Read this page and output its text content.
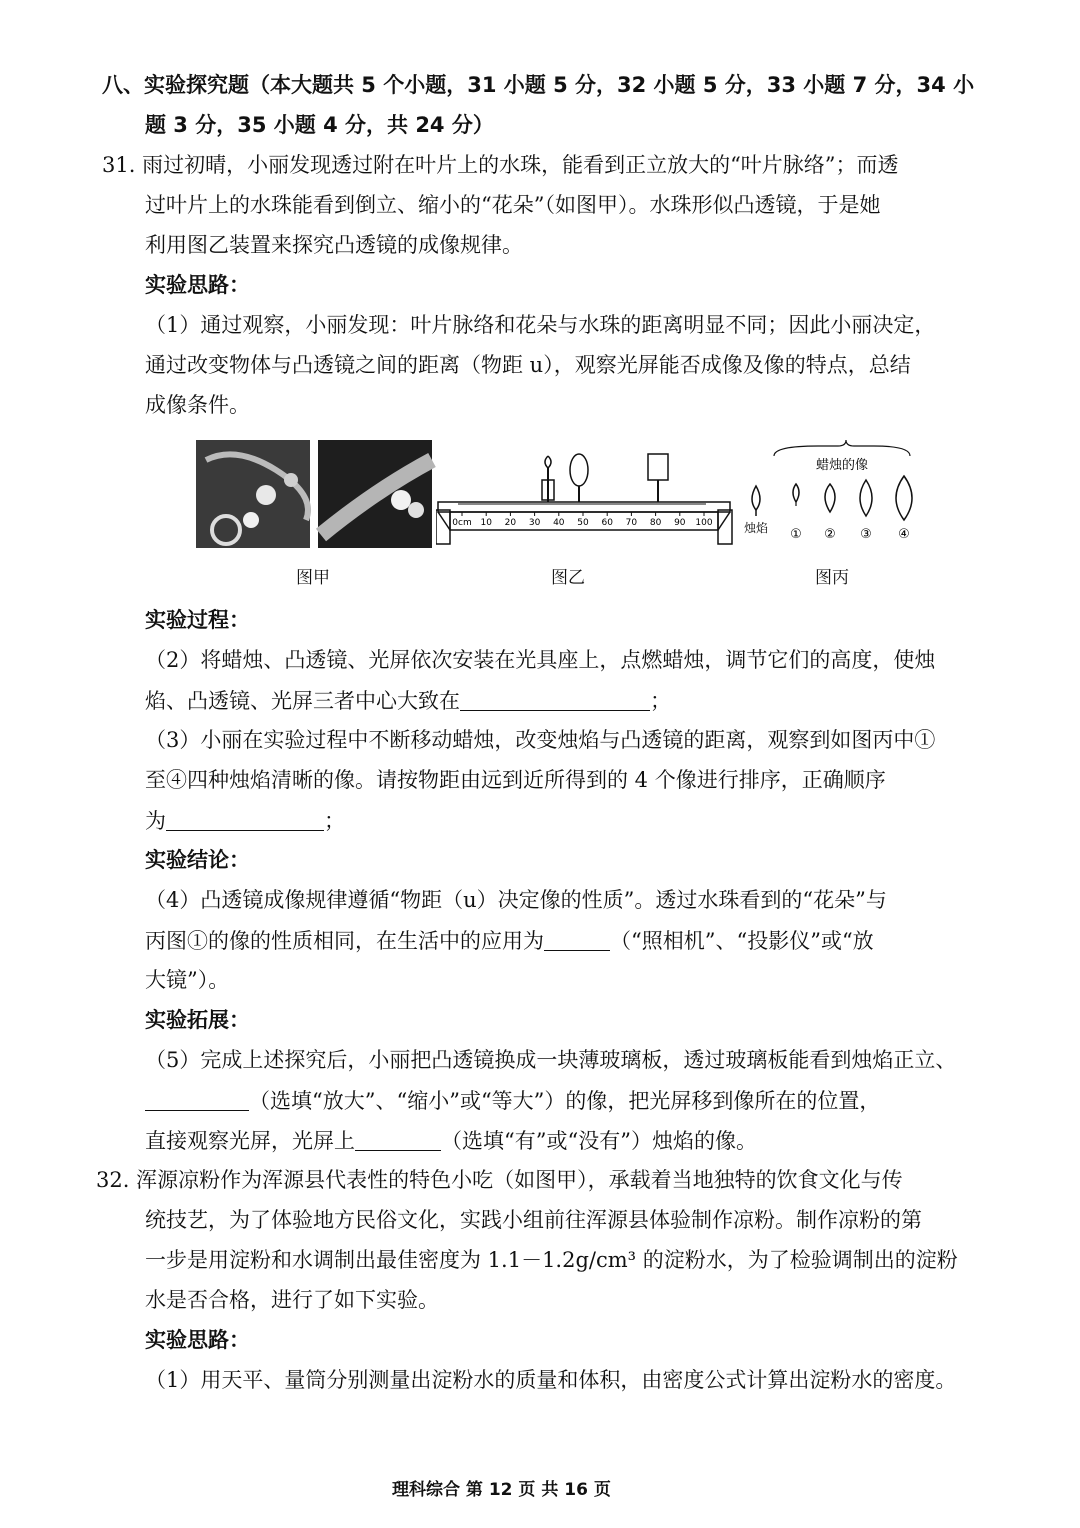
八、实验探究题（本大题共 5 个小题，31 小题 5 分，32 小题 5 分，33 小题 7 分，34 小
题 3 分，35 小题 4 分，共 24 分）
31. 雨过初晴，小丽发现透过附在叶片上的水珠，能看到正立放大的“叶片脉络”；而透
过叶片上的水珠能看到倒立、缩小的“花朵”（如图甲）。水珠形似凸透镜，于是她
利用图乙装置来探究凸透镜的成像规律。
实验思路：
（1）通过观察，小丽发现：叶片脉络和花朵与水珠的距离明显不同；因此小丽决定，
通过改变物体与凸透镜之间的距离（物距 u），观察光屏能否成像及像的特点，总结
成像条件。
0cm 10 20 30 40 50 60 70 80 90 100
蜡烛的像
烛焰 ① ② ③ ④
图甲	图乙	图丙
实验过程：
（2）将蜡烛、凸透镜、光屏依次安装在光具座上，点燃蜡烛，调节它们的高度，使烛
焰、凸透镜、光屏三者中心大致在	；
（3）小丽在实验过程中不断移动蜡烛，改变烛焰与凸透镜的距离，观察到如图丙中①
至④四种烛焰清晰的像。请按物距由远到近所得到的 4 个像进行排序，正确顺序
为	；
实验结论：
（4）凸透镜成像规律遵循“物距（u）决定像的性质”。透过水珠看到的“花朵”与
丙图①的像的性质相同，在生活中的应用为	（“照相机”、“投影仪”或“放
大镜”）。
实验拓展：
（5）完成上述探究后，小丽把凸透镜换成一块薄玻璃板，透过玻璃板能看到烛焰正立、
（选填“放大”、“缩小”或“等大”）的像，把光屏移到像所在的位置，
直接观察光屏，光屏上	（选填“有”或“没有”）烛焰的像。
32. 浑源凉粉作为浑源县代表性的特色小吃（如图甲），承载着当地独特的饮食文化与传
统技艺，为了体验地方民俗文化，实践小组前往浑源县体验制作凉粉。制作凉粉的第
一步是用淀粉和水调制出最佳密度为 1.1－1.2g/cm³ 的淀粉水，为了检验调制出的淀粉
水是否合格，进行了如下实验。
实验思路：
（1）用天平、量筒分别测量出淀粉水的质量和体积，由密度公式计算出淀粉水的密度。
理科综合 第 12 页 共 16 页
